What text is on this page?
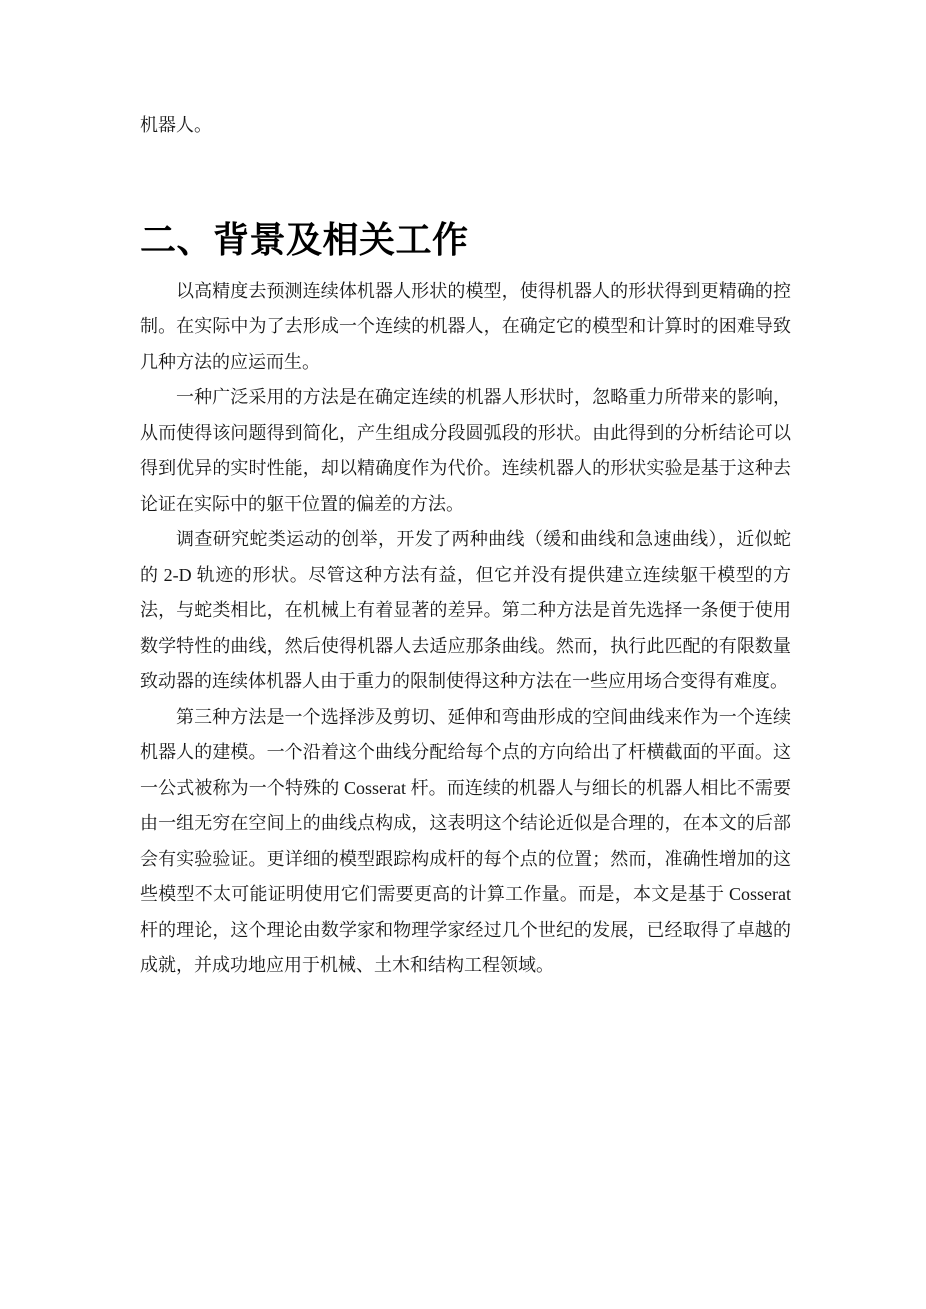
机器人。

二、背景及相关工作

以高精度去预测连续体机器人形状的模型，使得机器人的形状得到更精确的控制。在实际中为了去形成一个连续的机器人，在确定它的模型和计算时的困难导致几种方法的应运而生。

一种广泛采用的方法是在确定连续的机器人形状时，忽略重力所带来的影响，从而使得该问题得到简化，产生组成分段圆弧段的形状。由此得到的分析结论可以得到优异的实时性能，却以精确度作为代价。连续机器人的形状实验是基于这种去论证在实际中的躯干位置的偏差的方法。

调查研究蛇类运动的创举，开发了两种曲线（缓和曲线和急速曲线），近似蛇的 2-D 轨迹的形状。尽管这种方法有益，但它并没有提供建立连续躯干模型的方法，与蛇类相比，在机械上有着显著的差异。第二种方法是首先选择一条便于使用数学特性的曲线，然后使得机器人去适应那条曲线。然而，执行此匹配的有限数量致动器的连续体机器人由于重力的限制使得这种方法在一些应用场合变得有难度。

第三种方法是一个选择涉及剪切、延伸和弯曲形成的空间曲线来作为一个连续机器人的建模。一个沿着这个曲线分配给每个点的方向给出了杆横截面的平面。这一公式被称为一个特殊的 Cosserat 杆。而连续的机器人与细长的机器人相比不需要由一组无穷在空间上的曲线点构成，这表明这个结论近似是合理的，在本文的后部会有实验验证。更详细的模型跟踪构成杆的每个点的位置；然而，准确性增加的这些模型不太可能证明使用它们需要更高的计算工作量。而是，本文是基于 Cosserat 杆的理论，这个理论由数学家和物理学家经过几个世纪的发展，已经取得了卓越的成就，并成功地应用于机械、土木和结构工程领域。
